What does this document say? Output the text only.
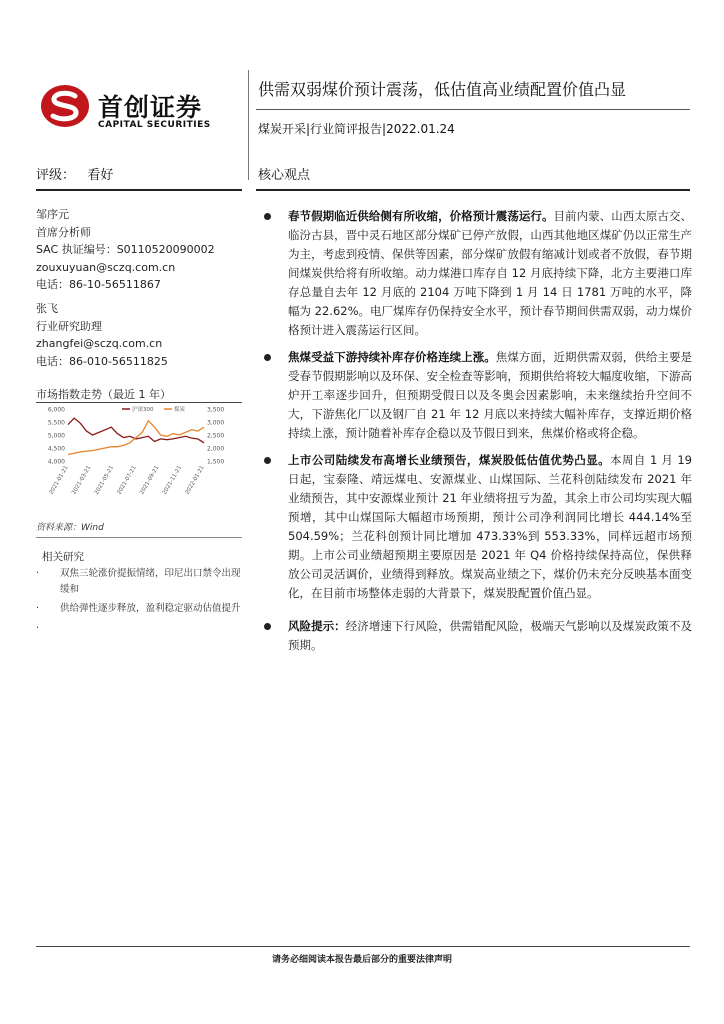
首创证券
CAPITAL SECURITIES
供需双弱煤价预计震荡，低估值高业绩配置价值凸显
煤炭开采|行业简评报告|2022.01.24
评级：   看好
邹序元
首席分析师
SAC 执证编号：S0110520090002
zouxuyuan@sczq.com.cn
电话：86-10-56511867
张飞
行业研究助理
zhangfei@sczq.com.cn
电话：86-010-56511825
市场指数走势（最近 1 年）
6,000
5,500
5,000
4,500
4,000
3,500
3,000
2,500
2,000
1,500
沪深300	煤炭
2021-01-21 2021-03-21 2021-05-21 2021-07-21 2021-09-21 2021-11-21 2022-01-21
资料来源：Wind
相关研究
· 双焦三轮涨价提振情绪，印尼出口禁令出现缓和
· 供给弹性逐步释放，盈利稳定驱动估值提升
·
核心观点
春节假期临近供给侧有所收缩，价格预计震荡运行。目前内蒙、山西太原古交、临汾古县，晋中灵石地区部分煤矿已停产放假，山西其他地区煤矿仍以正常生产为主，考虑到疫情、保供等因素，部分煤矿放假有缩减计划或者不放假，春节期间煤炭供给将有所收缩。动力煤港口库存自 12 月底持续下降，北方主要港口库存总量自去年 12 月底的 2104 万吨下降到 1 月 14 日 1781 万吨的水平，降幅为 22.62%。电厂煤库存仍保持安全水平，预计春节期间供需双弱，动力煤价格预计进入震荡运行区间。
焦煤受益下游持续补库存价格连续上涨。焦煤方面，近期供需双弱，供给主要是受春节假期影响以及环保、安全检查等影响，预期供给将较大幅度收缩，下游高炉开工率逐步回升，但预期受假日以及冬奥会因素影响，未来继续抬升空间不大，下游焦化厂以及钢厂自 21 年 12 月底以来持续大幅补库存，支撑近期价格持续上涨，预计随着补库存企稳以及节假日到来，焦煤价格或将企稳。
上市公司陆续发布高增长业绩预告，煤炭股低估值优势凸显。本周自 1 月 19 日起，宝泰隆、靖远煤电、安源煤业、山煤国际、兰花科创陆续发布 2021 年业绩预告，其中安源煤业预计 21 年业绩将扭亏为盈，其余上市公司均实现大幅预增，其中山煤国际大幅超市场预期，预计公司净利润同比增长 444.14%至 504.59%；兰花科创预计同比增加 473.33%到 553.33%，同样远超市场预期。上市公司业绩超预期主要原因是 2021 年 Q4 价格持续保持高位，保供释放公司灵活调价，业绩得到释放。煤炭高业绩之下，煤价仍未充分反映基本面变化，在目前市场整体走弱的大背景下，煤炭股配置价值凸显。
风险提示：经济增速下行风险，供需错配风险，极端天气影响以及煤炭政策不及预期。
请务必细阅读本报告最后部分的重要法律声明
